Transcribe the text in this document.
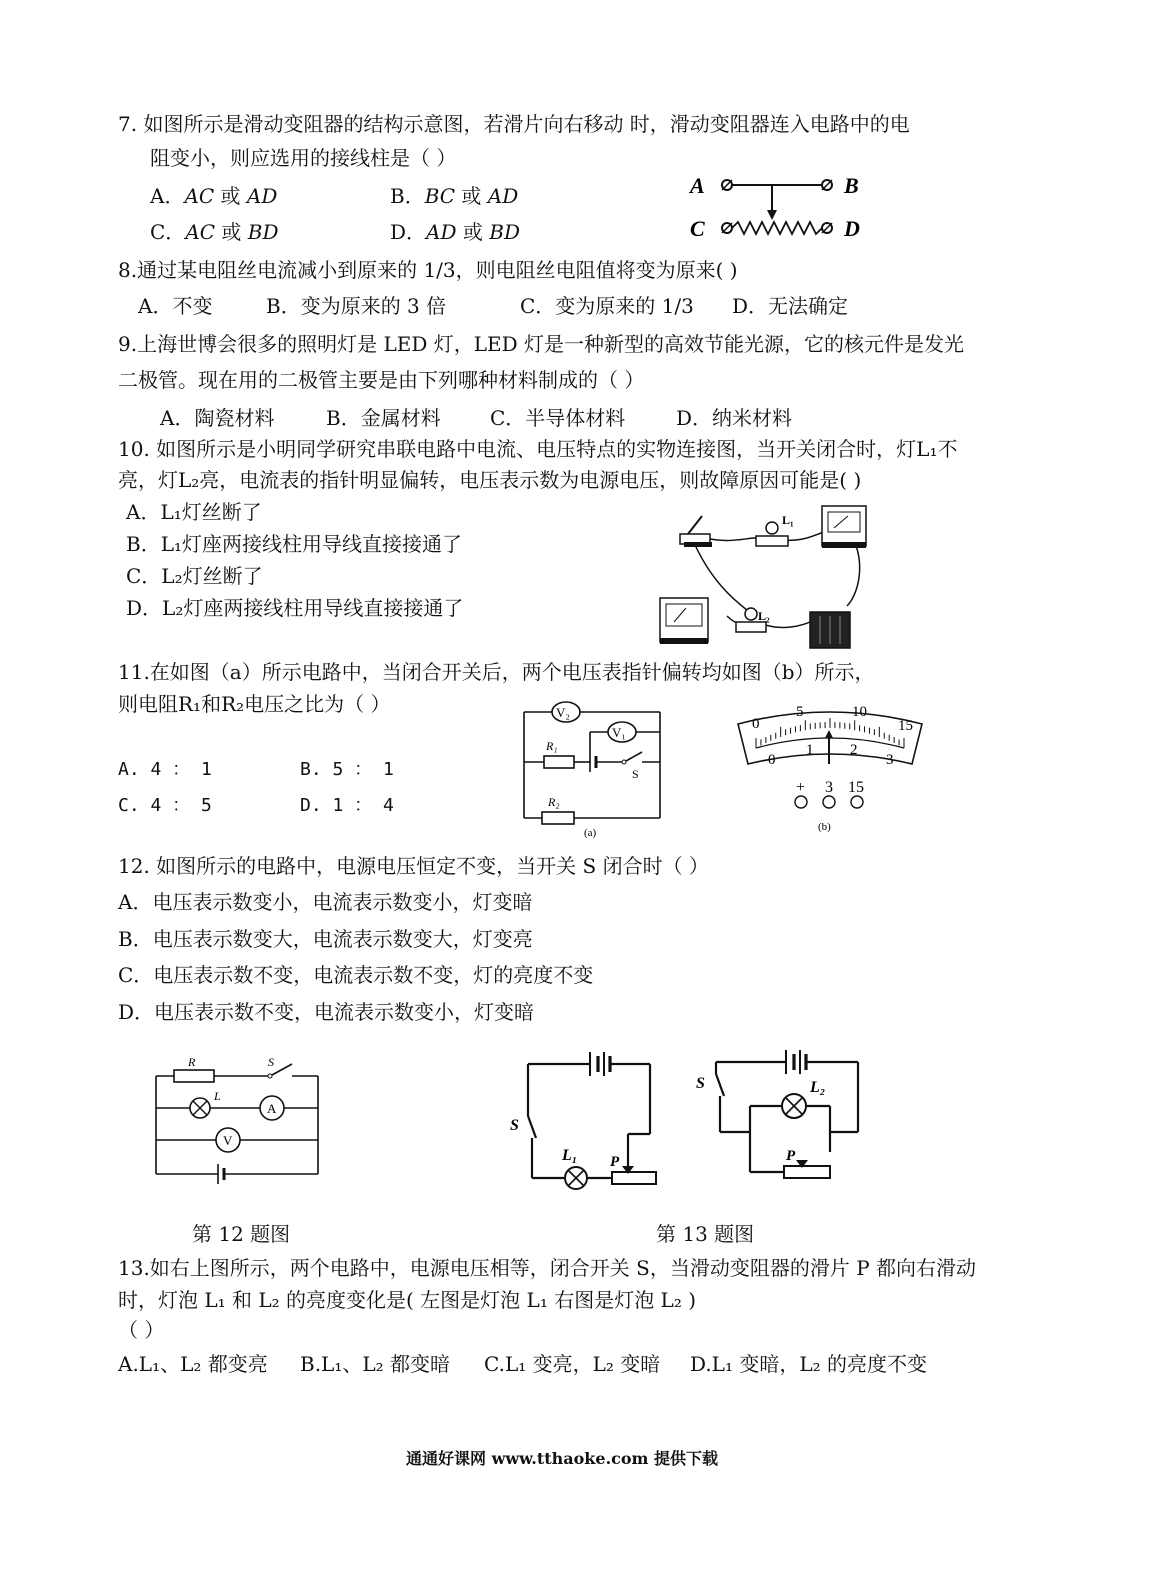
7. 如图所示是滑动变阻器的结构示意图，若滑片向右移动 时，滑动变阻器连入电路中的电
阻变小，则应选用的接线柱是（ ）
A．AC 或 AD	B．BC 或 AD
C．AC 或 BD	D．AD 或 BD
A	B
C	D
8.通过某电阻丝电流减小到原来的 1/3，则电阻丝电阻值将变为原来( )
A．不变	B．变为原来的 3 倍	C．变为原来的 1/3 D．无法确定
9.上海世博会很多的照明灯是 LED 灯，LED 灯是一种新型的高效节能光源，它的核元件是发光
二极管。现在用的二极管主要是由下列哪种材料制成的（ ）
A．陶瓷材料	B．金属材料 C．半导体材料	D．纳米材料
10. 如图所示是小明同学研究串联电路中电流、电压特点的实物连接图，当开关闭合时，灯L₁不
亮，灯L₂亮，电流表的指针明显偏转，电压表示数为电源电压，则故障原因可能是( )
A．L₁灯丝断了
B．L₁灯座两接线柱用导线直接接通了
C．L₂灯丝断了
D．L₂灯座两接线柱用导线直接接通了
L₁
L₂
11.在如图（a）所示电路中，当闭合开关后，两个电压表指针偏转均如图（b）所示，
则电阻R₁和R₂电压之比为（ ）
A. 4 ： 1	B. 5 ： 1
C. 4 ： 5	D. 1 ： 4
V₂
R₁
S
V₁
R₂
(a)
0
5	10
15
0
1 2
3
+ 3 15
(b)
12. 如图所示的电路中，电源电压恒定不变，当开关 S 闭合时（ ）
A．电压表示数变小，电流表示数变小，灯变暗
B．电压表示数变大，电流表示数变大，灯变亮
C．电压表示数不变，电流表示数不变，灯的亮度不变
D．电压表示数不变，电流表示数变小，灯变暗
R	S
L
A
V
S
L₁ P
S	L₂
P
第 12 题图	第 13 题图
13.如右上图所示，两个电路中，电源电压相等，闭合开关 S，当滑动变阻器的滑片 P 都向右滑动
时，灯泡 L₁ 和 L₂ 的亮度变化是( 左图是灯泡 L₁ 右图是灯泡 L₂ )
（ ）
A.L₁、L₂ 都变亮 B.L₁、L₂ 都变暗 C.L₁ 变亮，L₂ 变暗 D.L₁ 变暗，L₂ 的亮度不变
通通好课网 www.tthaoke.com 提供下载
